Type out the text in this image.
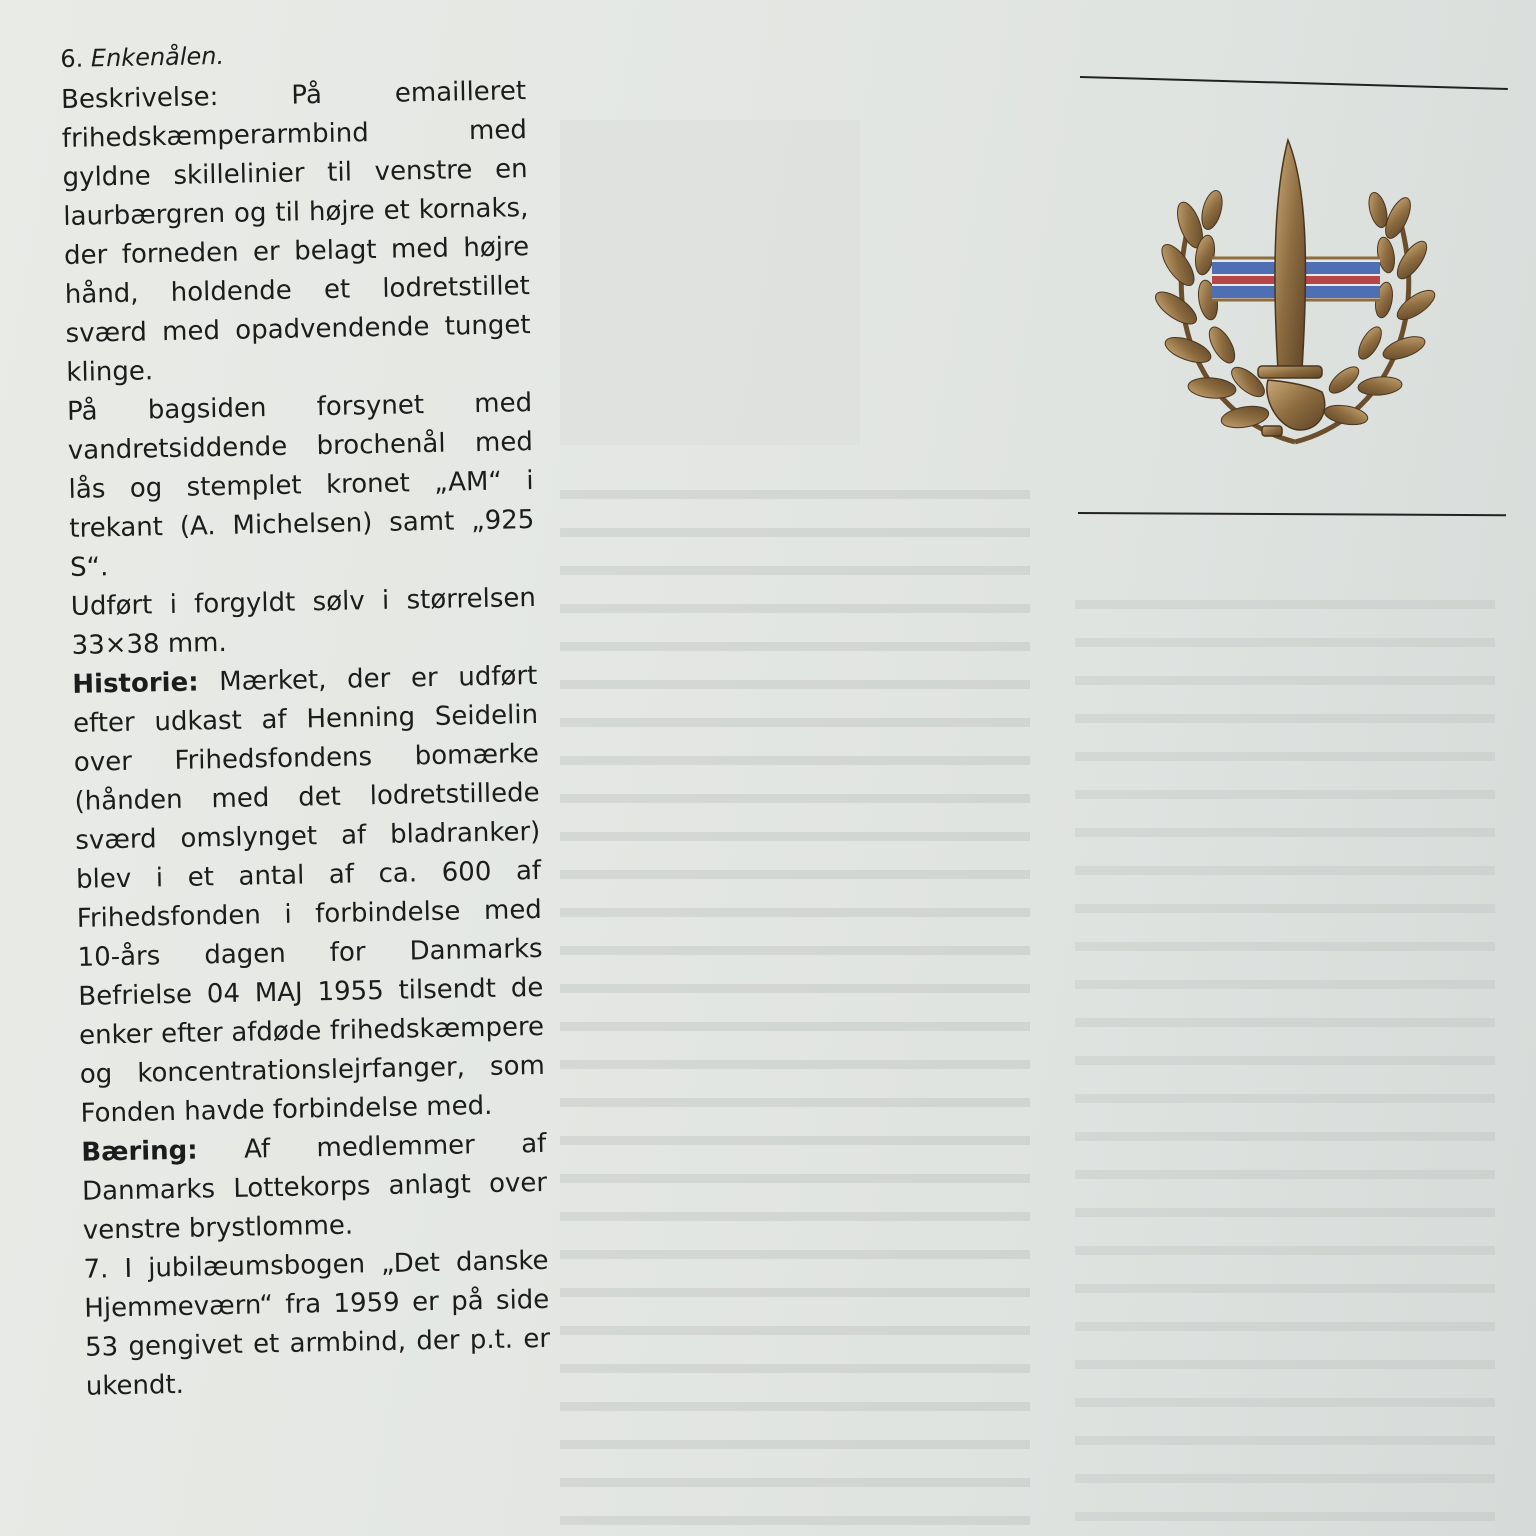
6. Enkenålen.

Beskrivelse:	På emailleret frihedskæmperarmbind med gyldne skillelinier til venstre en laurbærgren og til højre et kornaks, der forneden er belagt med højre hånd, holdende et lodretstillet sværd med opadvendende tunget klinge.

På bagsiden forsynet med vandretsiddende brochenål med lås og stemplet kronet „AM“ i trekant (A. Michelsen) samt „925 S“.

Udført i forgyldt sølv i størrelsen 33×38 mm.

Historie: Mærket, der er udført efter udkast af Henning Seidelin over Frihedsfondens bomærke (hånden med det lodretstillede sværd omslynget af bladranker) blev i et antal af ca. 600 af Frihedsfonden i forbindelse med 10-års dagen for Danmarks Befrielse 04 MAJ 1955 tilsendt de enker efter afdøde frihedskæmpere og koncentrationslejrfanger, som Fonden havde forbindelse med.

Bæring: Af medlemmer af Danmarks Lottekorps anlagt over venstre brystlomme.

7. I jubilæumsbogen „Det danske Hjemmeværn“ fra 1959 er på side 53 gengivet et armbind, der p.t. er ukendt.
